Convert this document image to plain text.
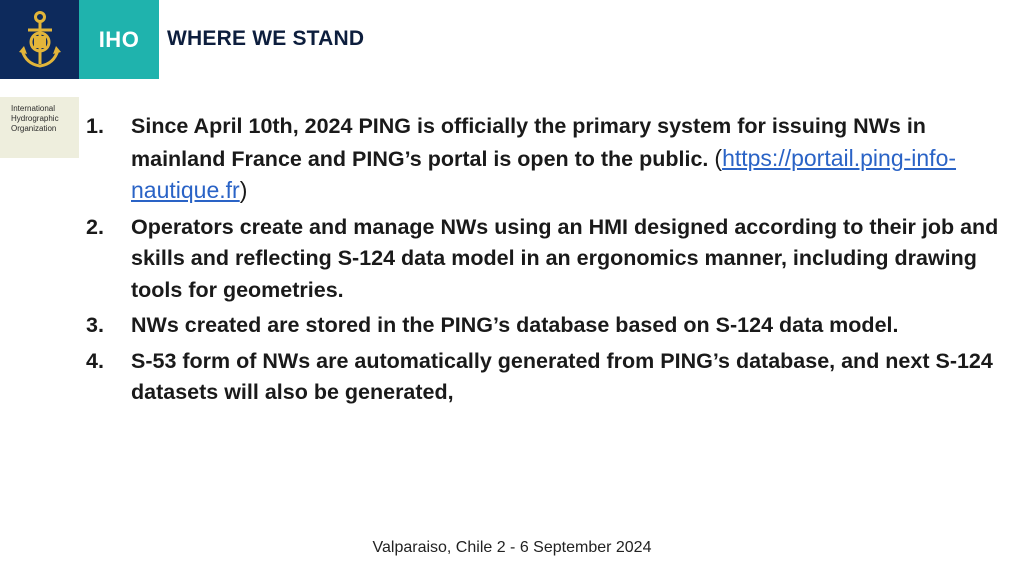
IHO
International
Hydrographic
Organization
WHERE WE STAND
1.	Since April 10th, 2024 PING is officially the primary system for issuing NWs in mainland France and PING’s portal is open to the public. (https://portail.ping-info-nautique.fr)
2.	Operators create and manage NWs using an HMI designed according to their job and skills and reflecting S-124 data model in an ergonomics manner, including drawing tools for geometries.
3.	NWs created are stored in the PING’s database based on S-124 data model.
4.	S-53 form of NWs are automatically generated from PING’s database, and next S-124 datasets will also be generated,
Valparaiso, Chile 2 - 6 September 2024
